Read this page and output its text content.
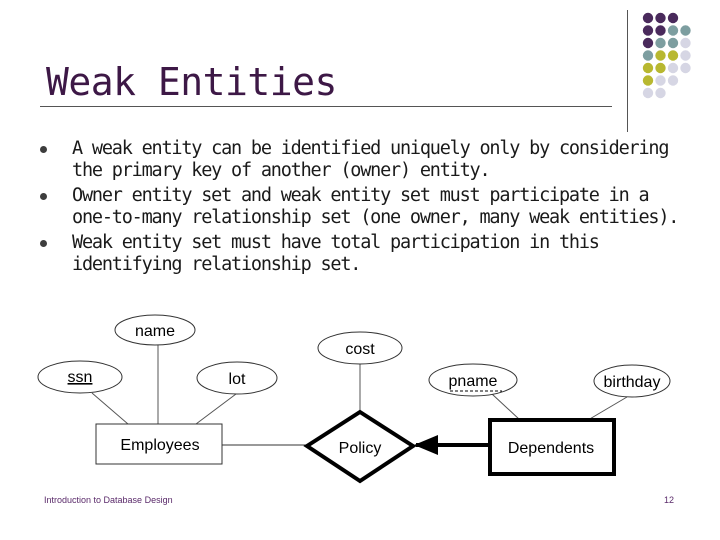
Weak Entities
A weak entity can be identified uniquely only by considering the primary key of another (owner) entity.
Owner entity set and weak entity set must participate in a one-to-many relationship set (one owner, many weak entities).
Weak entity set must have total participation in this identifying relationship set.
name
ssn	lot
cost
pname	birthday
Employees	Dependents
Policy
Introduction to Database Design	12
